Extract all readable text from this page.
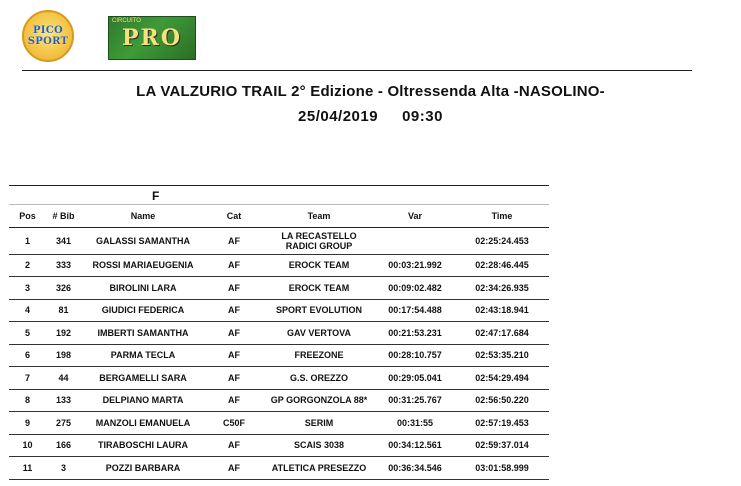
PICO
SPORT
CIRCUITO
PRO
LA VALZURIO TRAIL 2° Edizione - Oltressenda Alta -NASOLINO-
25/04/2019 09:30
F
Pos	# Bib	Name	Cat	Team	Var	Time
1	341	GALASSI SAMANTHA	AF	LA RECASTELLO RADICI GROUP		02:25:24.453
2	333	ROSSI MARIAEUGENIA	AF	EROCK TEAM	00:03:21.992	02:28:46.445
3	326	BIROLINI LARA	AF	EROCK TEAM	00:09:02.482	02:34:26.935
4	81	GIUDICI FEDERICA	AF	SPORT EVOLUTION	00:17:54.488	02:43:18.941
5	192	IMBERTI SAMANTHA	AF	GAV VERTOVA	00:21:53.231	02:47:17.684
6	198	PARMA TECLA	AF	FREEZONE	00:28:10.757	02:53:35.210
7	44	BERGAMELLI SARA	AF	G.S. OREZZO	00:29:05.041	02:54:29.494
8	133	DELPIANO MARTA	AF	GP GORGONZOLA 88*	00:31:25.767	02:56:50.220
9	275	MANZOLI EMANUELA	C50F	SERIM	00:31:55	02:57:19.453
10	166	TIRABOSCHI LAURA	AF	SCAIS 3038	00:34:12.561	02:59:37.014
11	3	POZZI BARBARA	AF	ATLETICA PRESEZZO	00:36:34.546	03:01:58.999
